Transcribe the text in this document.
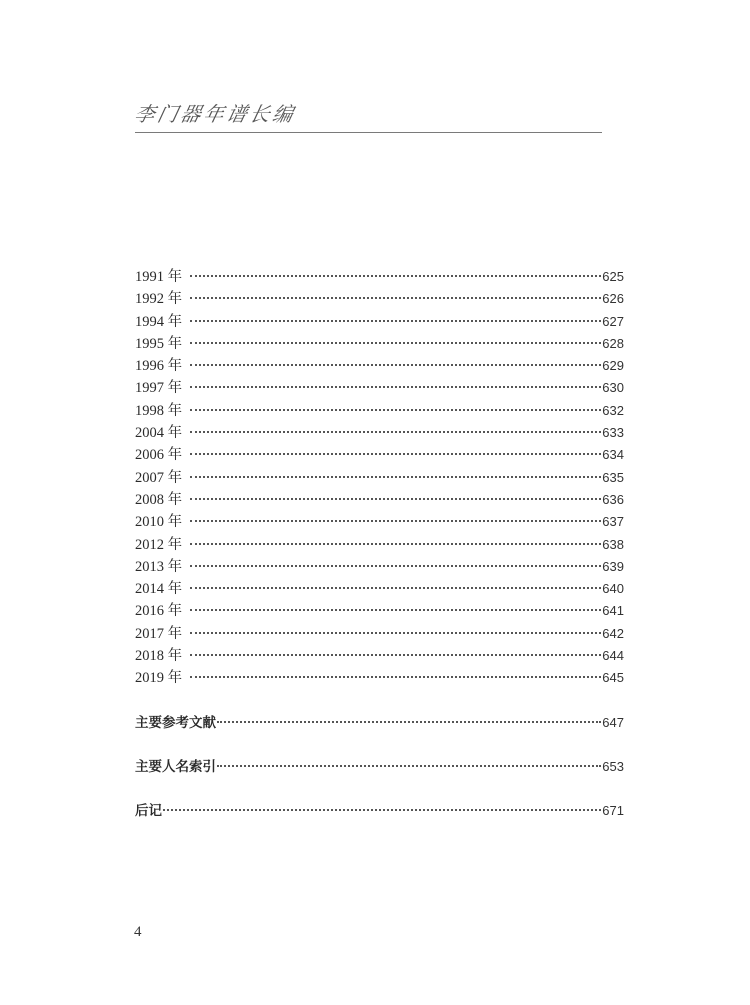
李门器年谱长编
1991 年	625
1992 年	626
1994 年	627
1995 年	628
1996 年	629
1997 年	630
1998 年	632
2004 年	633
2006 年	634
2007 年	635
2008 年	636
2010 年	637
2012 年	638
2013 年	639
2014 年	640
2016 年	641
2017 年	642
2018 年	644
2019 年	645
主要参考文献	647
主要人名索引	653
后记	671
4
